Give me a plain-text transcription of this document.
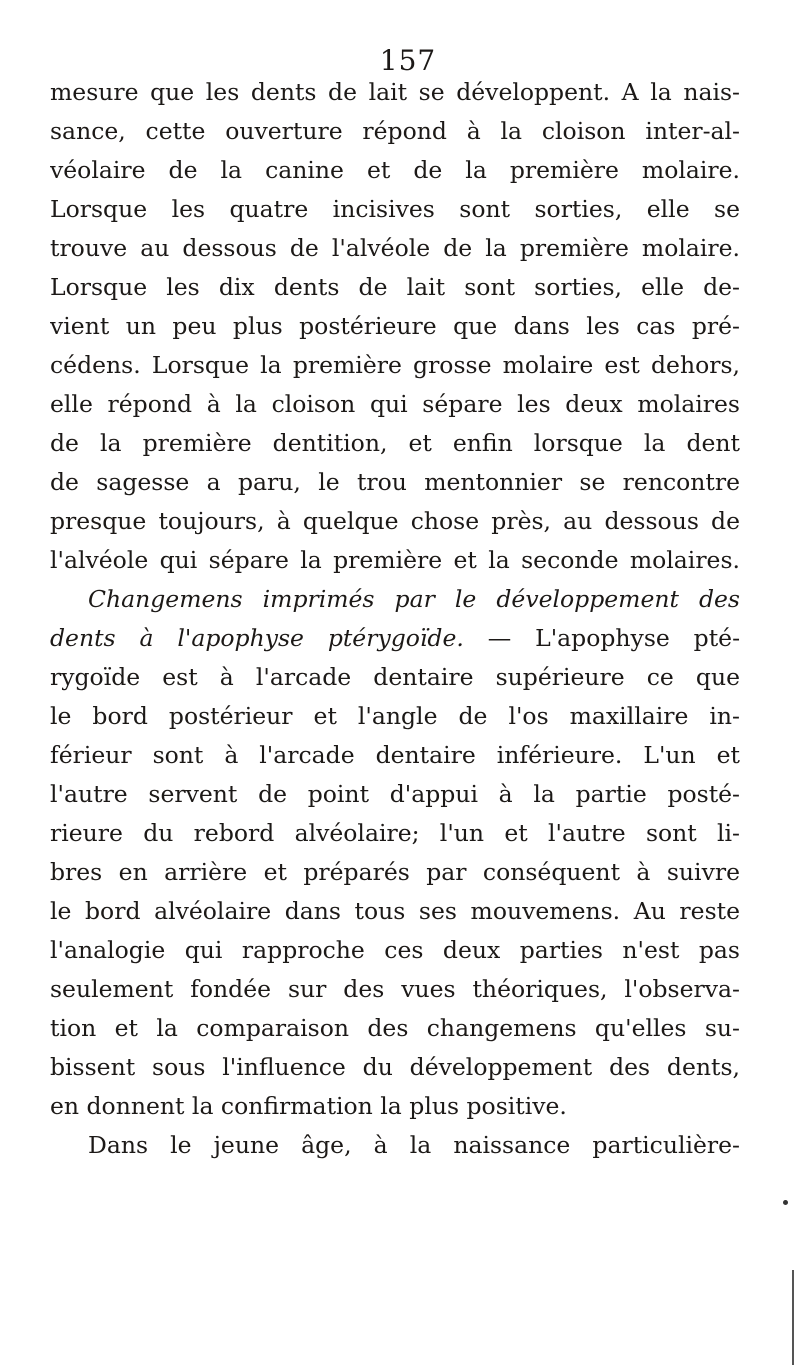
157
mesure que les dents de lait se développent. A la nais-
sance, cette ouverture répond à la cloison inter-al-
véolaire de la canine et de la première molaire.
Lorsque les quatre incisives sont sorties, elle se
trouve au dessous de l'alvéole de la première molaire.
Lorsque les dix dents de lait sont sorties, elle de-
vient un peu plus postérieure que dans les cas pré-
cédens. Lorsque la première grosse molaire est dehors,
elle répond à la cloison qui sépare les deux molaires
de la première dentition, et enfin lorsque la dent
de sagesse a paru, le trou mentonnier se rencontre
presque toujours, à quelque chose près, au dessous de
l'alvéole qui sépare la première et la seconde molaires.
Changemens imprimés par le développement des
dents à l'apophyse ptérygoïde. — L'apophyse pté-
rygoïde est à l'arcade dentaire supérieure ce que
le bord postérieur et l'angle de l'os maxillaire in-
férieur sont à l'arcade dentaire inférieure. L'un et
l'autre servent de point d'appui à la partie posté-
rieure du rebord alvéolaire; l'un et l'autre sont li-
bres en arrière et préparés par conséquent à suivre
le bord alvéolaire dans tous ses mouvemens. Au reste
l'analogie qui rapproche ces deux parties n'est pas
seulement fondée sur des vues théoriques, l'observa-
tion et la comparaison des changemens qu'elles su-
bissent sous l'influence du développement des dents,
en donnent la confirmation la plus positive.
Dans le jeune âge, à la naissance particulière-
